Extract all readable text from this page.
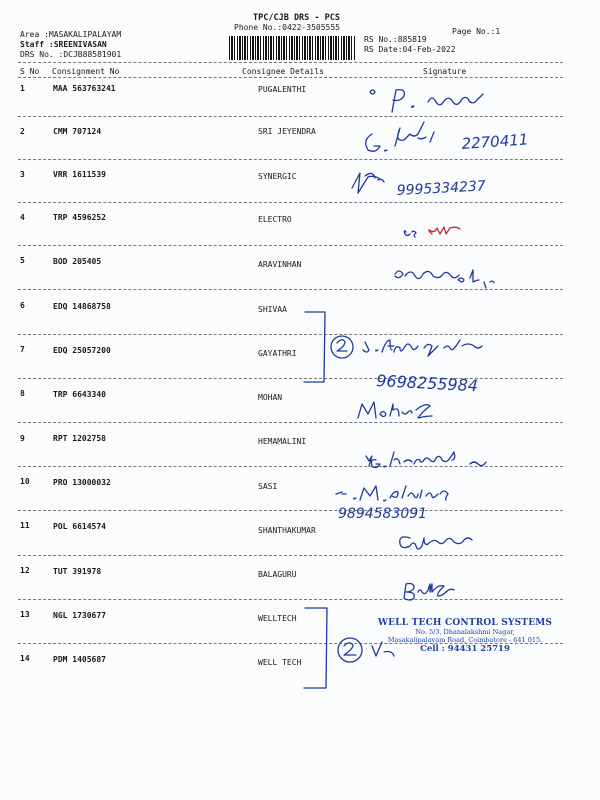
TPC/CJB DRS - PCS
Phone No.:0422-3505555	Page No.:1
Area :MASAKALIPALAYAM
Staff :SREENIVASAN
DRS No. :DCJB88581901
RS No.:885819
RS Date:04-Feb-2022
S No Consignment No	Consignee Details	Signature
1	MAA 563763241	PUGALENTHI
2	CMM 707124	SRI JEYENDRA
3	VRR 1611539	SYNERGIC
4	TRP 4596252	ELECTRO
5	BOD 205405	ARAVINHAN
6	EDQ 14868758	SHIVAA
7	EDQ 25057200	GAYATHRI
8	TRP 6643340	MOHAN
9	RPT 1202758	HEMAMALINI
10	PRO 13000032	SASI
11	POL 6614574	SHANTHAKUMAR
12	TUT 391978	BALAGURU
13	NGL 1730677	WELLTECH
14	PDM 1405687	WELL TECH
2270411
9995334237
9698255984
9894583091
WELL TECH CONTROL SYSTEMS
No. 5/3, Dhanalakshmi Nagar,
Masakalipalayam Road, Coimbatore - 641 015.
Cell : 94431 25719
